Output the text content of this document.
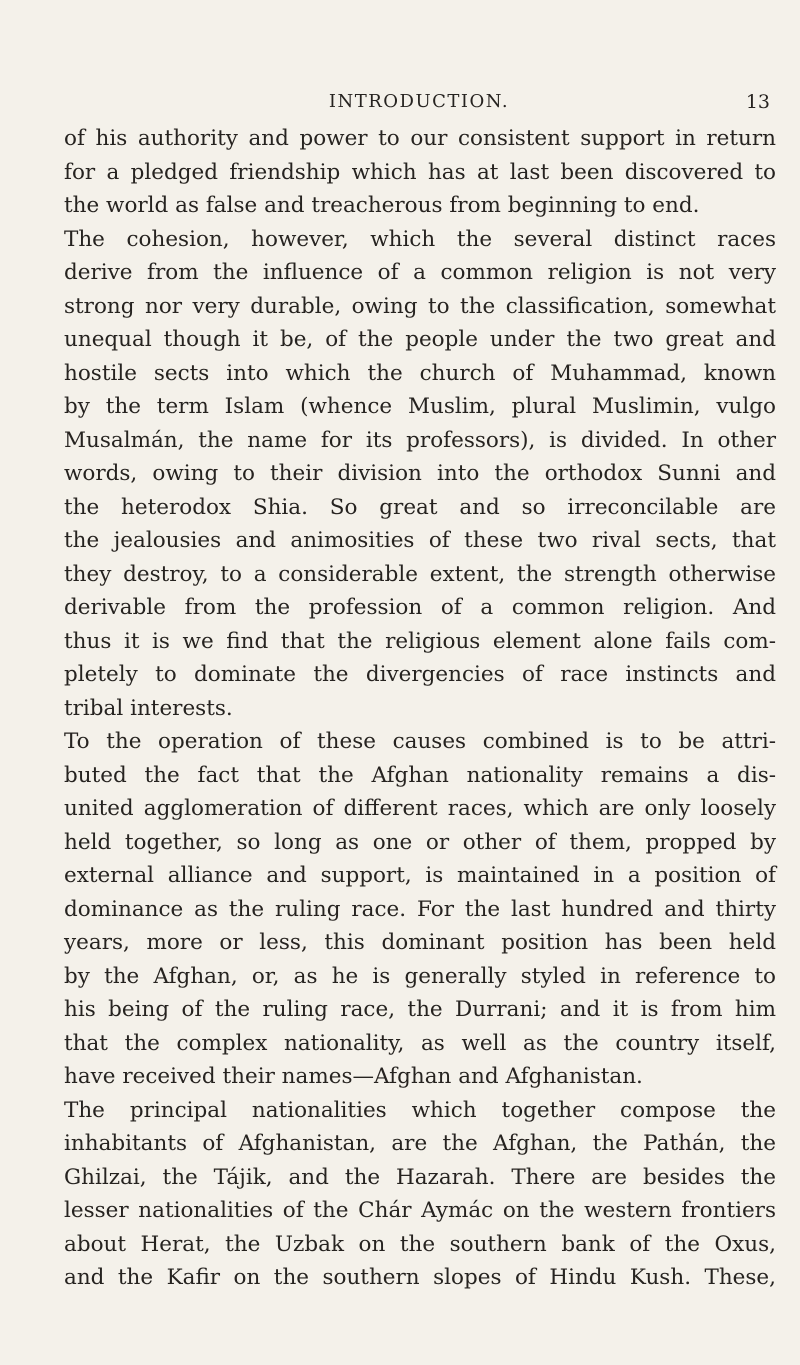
INTRODUCTION.	13
of his authority and power to our consistent support in return
for a pledged friendship which has at last been discovered to
the world as false and treacherous from beginning to end.
The cohesion, however, which the several distinct races
derive from the influence of a common religion is not very
strong nor very durable, owing to the classification, somewhat
unequal though it be, of the people under the two great and
hostile sects into which the church of Muhammad, known
by the term Islam (whence Muslim, plural Muslimin, vulgo
Musalmán, the name for its professors), is divided. In other
words, owing to their division into the orthodox Sunni and
the heterodox Shia. So great and so irreconcilable are
the jealousies and animosities of these two rival sects, that
they destroy, to a considerable extent, the strength otherwise
derivable from the profession of a common religion. And
thus it is we find that the religious element alone fails com-
pletely to dominate the divergencies of race instincts and
tribal interests.
To the operation of these causes combined is to be attri-
buted the fact that the Afghan nationality remains a dis-
united agglomeration of different races, which are only loosely
held together, so long as one or other of them, propped by
external alliance and support, is maintained in a position of
dominance as the ruling race. For the last hundred and thirty
years, more or less, this dominant position has been held
by the Afghan, or, as he is generally styled in reference to
his being of the ruling race, the Durrani; and it is from him
that the complex nationality, as well as the country itself,
have received their names—Afghan and Afghanistan.
The principal nationalities which together compose the
inhabitants of Afghanistan, are the Afghan, the Pathán, the
Ghilzai, the Tájik, and the Hazarah. There are besides the
lesser nationalities of the Chár Aymác on the western frontiers
about Herat, the Uzbak on the southern bank of the Oxus,
and the Kafir on the southern slopes of Hindu Kush. These,
